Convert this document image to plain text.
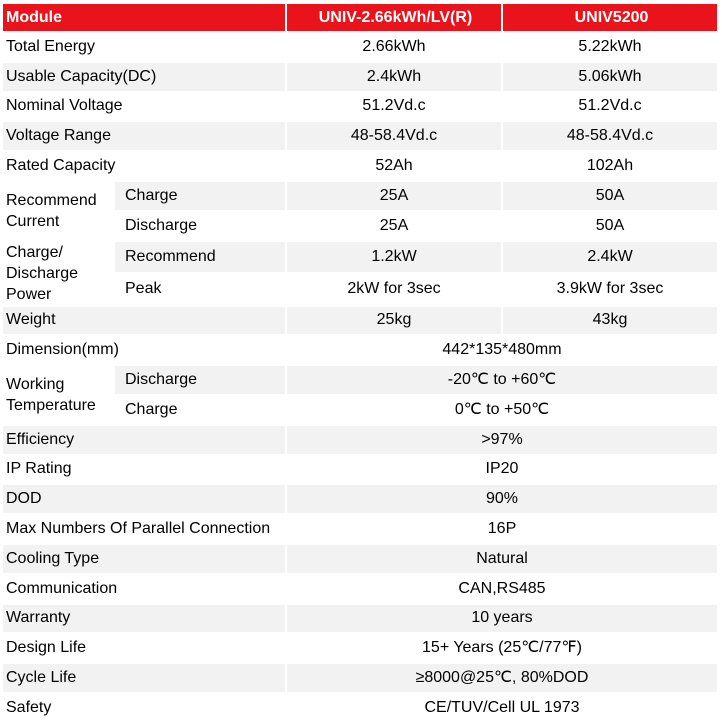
Module		UNIV-2.66kWh/LV(R)	UNIV5200
Total Energy		2.66kWh	5.22kWh
Usable Capacity(DC)		2.4kWh	5.06kWh
Nominal Voltage		51.2Vd.c	51.2Vd.c
Voltage Range		48-58.4Vd.c	48-58.4Vd.c
Rated Capacity		52Ah	102Ah
Recommend Current	Charge	25A	50A
	Discharge	25A	50A
Charge/ Discharge Power	Recommend	1.2kW	2.4kW
	Peak	2kW for 3sec	3.9kW for 3sec
Weight		25kg	43kg
Dimension(mm)		442*135*480mm	
Working Temperature	Discharge	-20℃ to +60℃	
	Charge	0℃ to +50℃	
Efficiency		>97%	
IP Rating		IP20	
DOD		90%	
Max Numbers Of Parallel Connection		16P	
Cooling Type		Natural	
Communication		CAN,RS485	
Warranty		10 years	
Design Life		15+ Years (25℃/77℉)	
Cycle Life		≥8000@25℃, 80%DOD	
Safety		CE/TUV/Cell UL 1973	
